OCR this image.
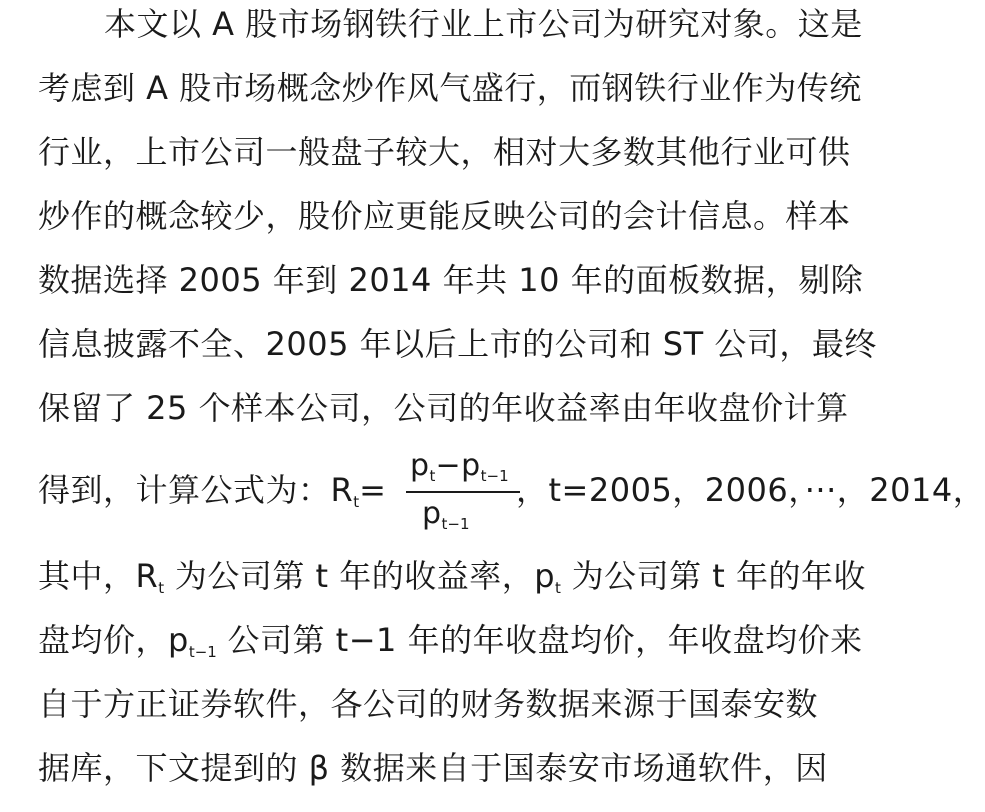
本文以 A 股市场钢铁行业上市公司为研究对象。这是
考虑到 A 股市场概念炒作风气盛行，而钢铁行业作为传统
行业，上市公司一般盘子较大，相对大多数其他行业可供
炒作的概念较少，股价应更能反映公司的会计信息。样本
数据选择 2005 年到 2014 年共 10 年的面板数据，剔除
信息披露不全、2005 年以后上市的公司和 ST 公司，最终
保留了 25 个样本公司，公司的年收益率由年收盘价计算
得到，计算公式为：$R_t=$
$p_t-p_{t-1}$
$p_{t-1}$
，t=2005，2006，···，2014，
其中，$R_t$ 为公司第 t 年的收益率，$p_t$ 为公司第 t 年的年收
盘均价，$p_{t-1}$ 公司第 t−1 年的年收盘均价，年收盘均价来
自于方正证券软件，各公司的财务数据来源于国泰安数
据库，下文提到的 β 数据来自于国泰安市场通软件，因
